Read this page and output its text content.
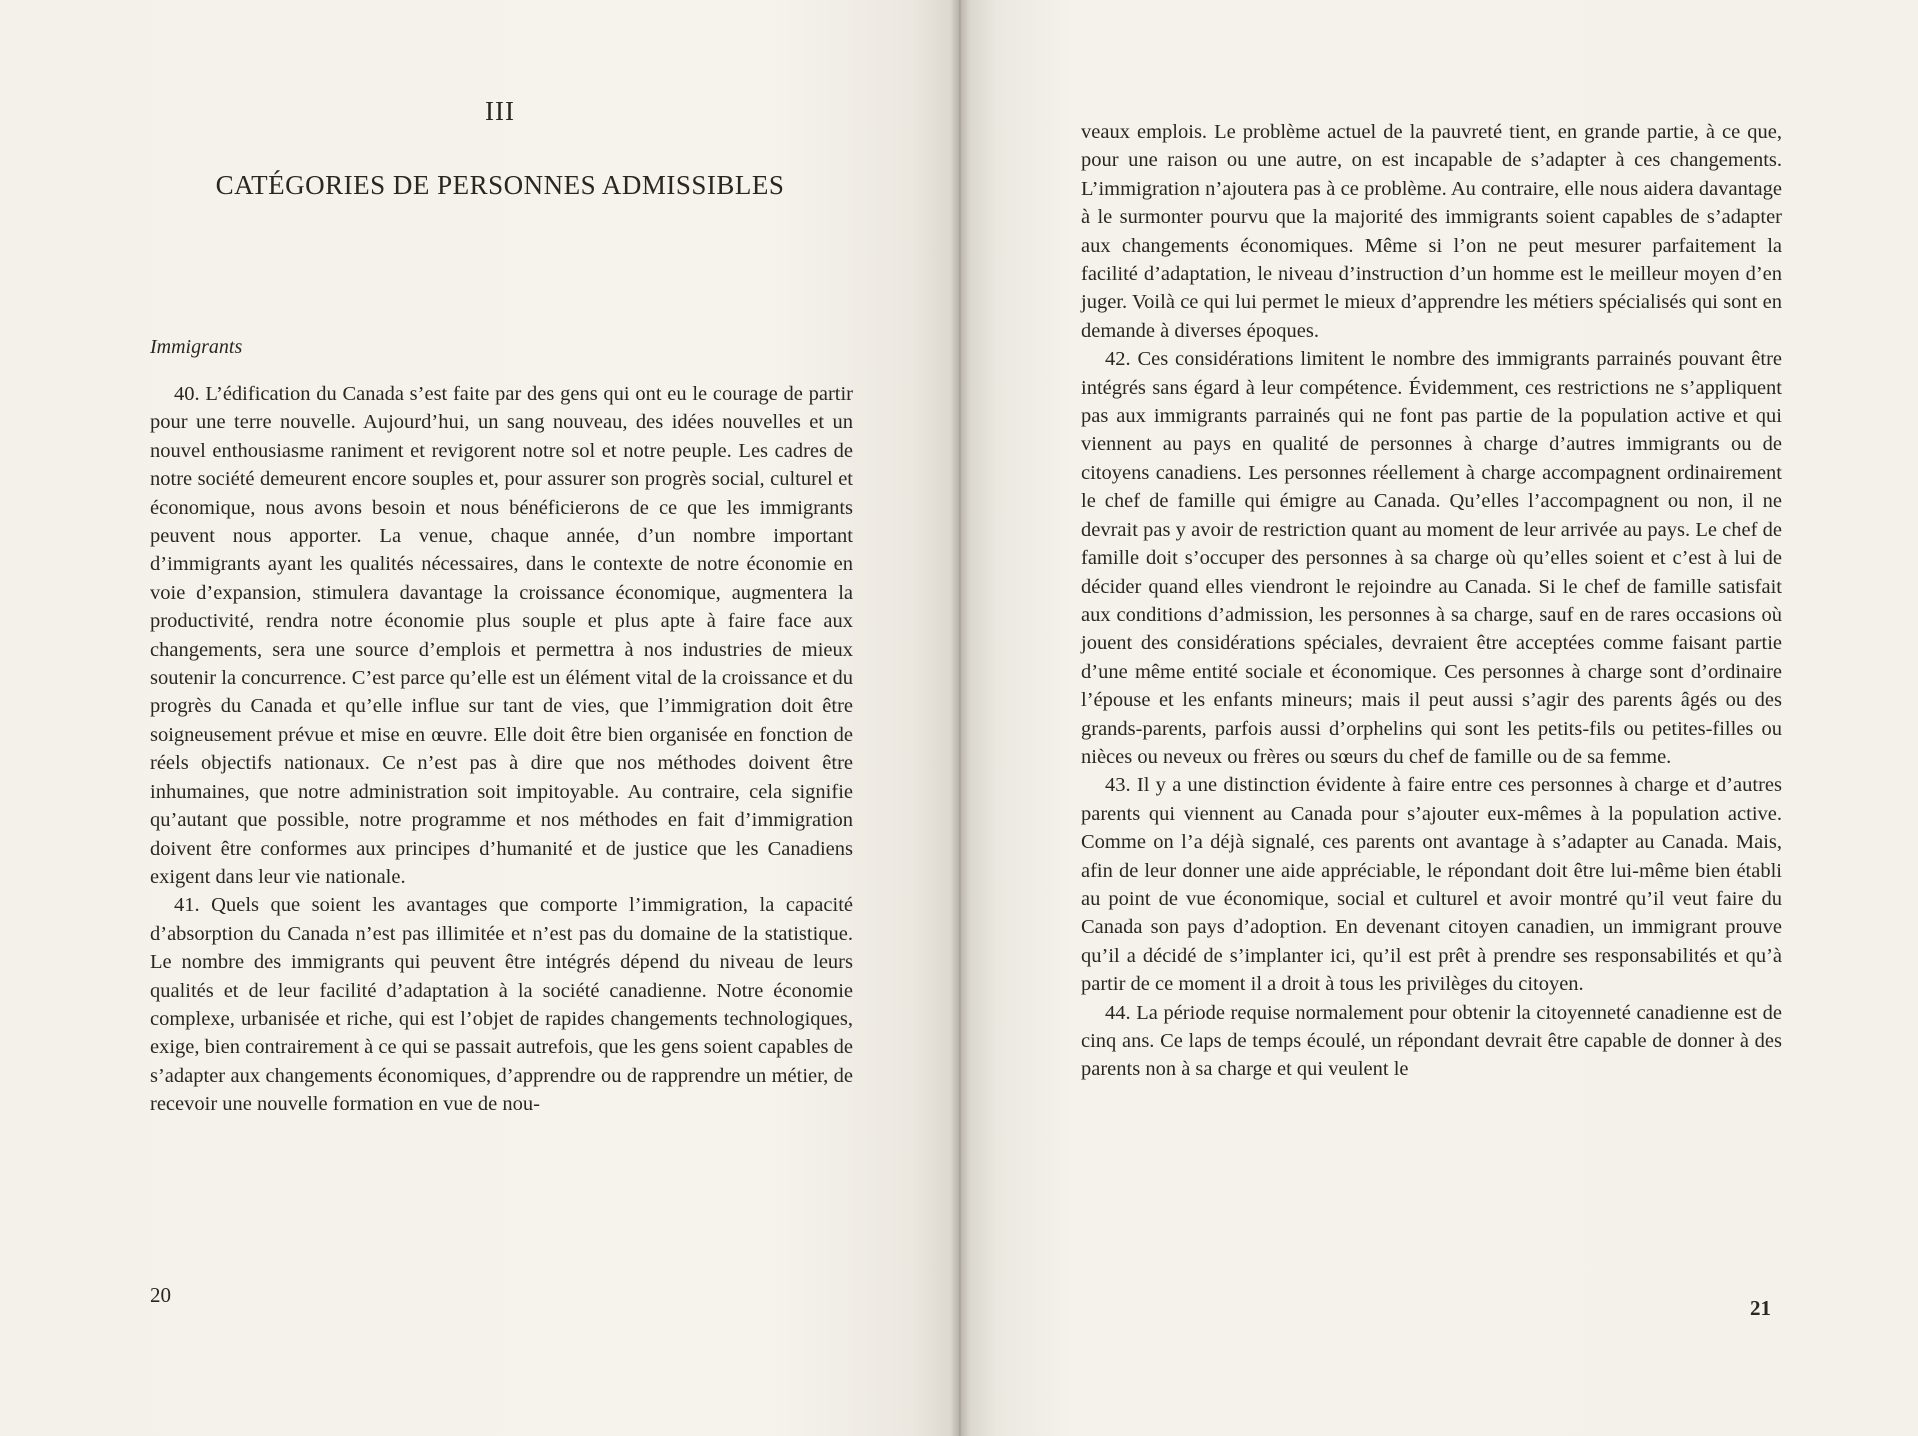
III
CATÉGORIES DE PERSONNES ADMISSIBLES
Immigrants

40. L’édification du Canada s’est faite par des gens qui ont eu le courage de partir pour une terre nouvelle. Aujourd’hui, un sang nouveau, des idées nouvelles et un nouvel enthousiasme raniment et revigorent notre sol et notre peuple. Les cadres de notre société demeurent encore souples et, pour assurer son progrès social, culturel et économique, nous avons besoin et nous bénéficierons de ce que les immigrants peuvent nous apporter. La venue, chaque année, d’un nombre important d’immigrants ayant les qualités nécessaires, dans le contexte de notre économie en voie d’expansion, stimulera davantage la croissance économique, augmentera la productivité, rendra notre économie plus souple et plus apte à faire face aux changements, sera une source d’emplois et permettra à nos industries de mieux soutenir la concurrence. C’est parce qu’elle est un élément vital de la croissance et du progrès du Canada et qu’elle influe sur tant de vies, que l’immigration doit être soigneusement prévue et mise en œuvre. Elle doit être bien organisée en fonction de réels objectifs nationaux. Ce n’est pas à dire que nos méthodes doivent être inhumaines, que notre administration soit impitoyable. Au contraire, cela signifie qu’autant que possible, notre programme et nos méthodes en fait d’immigration doivent être conformes aux principes d’humanité et de justice que les Canadiens exigent dans leur vie nationale.

41. Quels que soient les avantages que comporte l’immigration, la capacité d’absorption du Canada n’est pas illimitée et n’est pas du domaine de la statistique. Le nombre des immigrants qui peuvent être intégrés dépend du niveau de leurs qualités et de leur facilité d’adaptation à la société canadienne. Notre économie complexe, urbanisée et riche, qui est l’objet de rapides changements technologiques, exige, bien contrairement à ce qui se passait autrefois, que les gens soient capables de s’adapter aux changements économiques, d’apprendre ou de rapprendre un métier, de recevoir une nouvelle formation en vue de nou-

20

veaux emplois. Le problème actuel de la pauvreté tient, en grande partie, à ce que, pour une raison ou une autre, on est incapable de s’adapter à ces changements. L’immigration n’ajoutera pas à ce problème. Au contraire, elle nous aidera davantage à le surmonter pourvu que la majorité des immigrants soient capables de s’adapter aux changements économiques. Même si l’on ne peut mesurer parfaitement la facilité d’adaptation, le niveau d’instruction d’un homme est le meilleur moyen d’en juger. Voilà ce qui lui permet le mieux d’apprendre les métiers spécialisés qui sont en demande à diverses époques.

42. Ces considérations limitent le nombre des immigrants parrainés pouvant être intégrés sans égard à leur compétence. Évidemment, ces restrictions ne s’appliquent pas aux immigrants parrainés qui ne font pas partie de la population active et qui viennent au pays en qualité de personnes à charge d’autres immigrants ou de citoyens canadiens. Les personnes réellement à charge accompagnent ordinairement le chef de famille qui émigre au Canada. Qu’elles l’accompagnent ou non, il ne devrait pas y avoir de restriction quant au moment de leur arrivée au pays. Le chef de famille doit s’occuper des personnes à sa charge où qu’elles soient et c’est à lui de décider quand elles viendront le rejoindre au Canada. Si le chef de famille satisfait aux conditions d’admission, les personnes à sa charge, sauf en de rares occasions où jouent des considérations spéciales, devraient être acceptées comme faisant partie d’une même entité sociale et économique. Ces personnes à charge sont d’ordinaire l’épouse et les enfants mineurs; mais il peut aussi s’agir des parents âgés ou des grands-parents, parfois aussi d’orphelins qui sont les petits-fils ou petites-filles ou nièces ou neveux ou frères ou sœurs du chef de famille ou de sa femme.

43. Il y a une distinction évidente à faire entre ces personnes à charge et d’autres parents qui viennent au Canada pour s’ajouter eux-mêmes à la population active. Comme on l’a déjà signalé, ces parents ont avantage à s’adapter au Canada. Mais, afin de leur donner une aide appréciable, le répondant doit être lui-même bien établi au point de vue économique, social et culturel et avoir montré qu’il veut faire du Canada son pays d’adoption. En devenant citoyen canadien, un immigrant prouve qu’il a décidé de s’implanter ici, qu’il est prêt à prendre ses responsabilités et qu’à partir de ce moment il a droit à tous les privilèges du citoyen.

44. La période requise normalement pour obtenir la citoyenneté canadienne est de cinq ans. Ce laps de temps écoulé, un répondant devrait être capable de donner à des parents non à sa charge et qui veulent le

21
